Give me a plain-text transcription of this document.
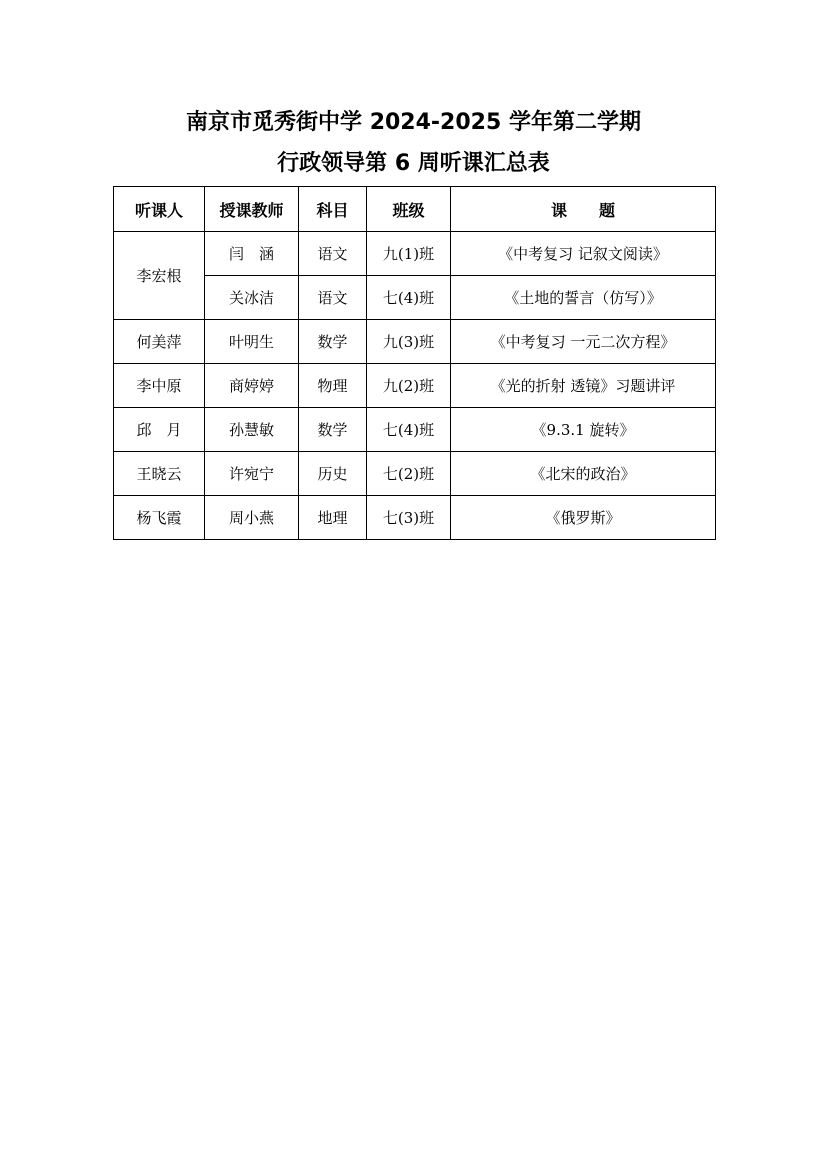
南京市觅秀街中学 2024-2025 学年第二学期
行政领导第 6 周听课汇总表
听课人	授课教师	科目	班级	课　　题
李宏根	闫　涵	语文	九(1)班	《中考复习 记叙文阅读》
	关冰洁	语文	七(4)班	《土地的誓言（仿写）》
何美萍	叶明生	数学	九(3)班	《中考复习 一元二次方程》
李中原	商婷婷	物理	九(2)班	《光的折射 透镜》习题讲评
邱　月	孙慧敏	数学	七(4)班	《9.3.1 旋转》
王晓云	许宛宁	历史	七(2)班	《北宋的政治》
杨飞霞	周小燕	地理	七(3)班	《俄罗斯》
